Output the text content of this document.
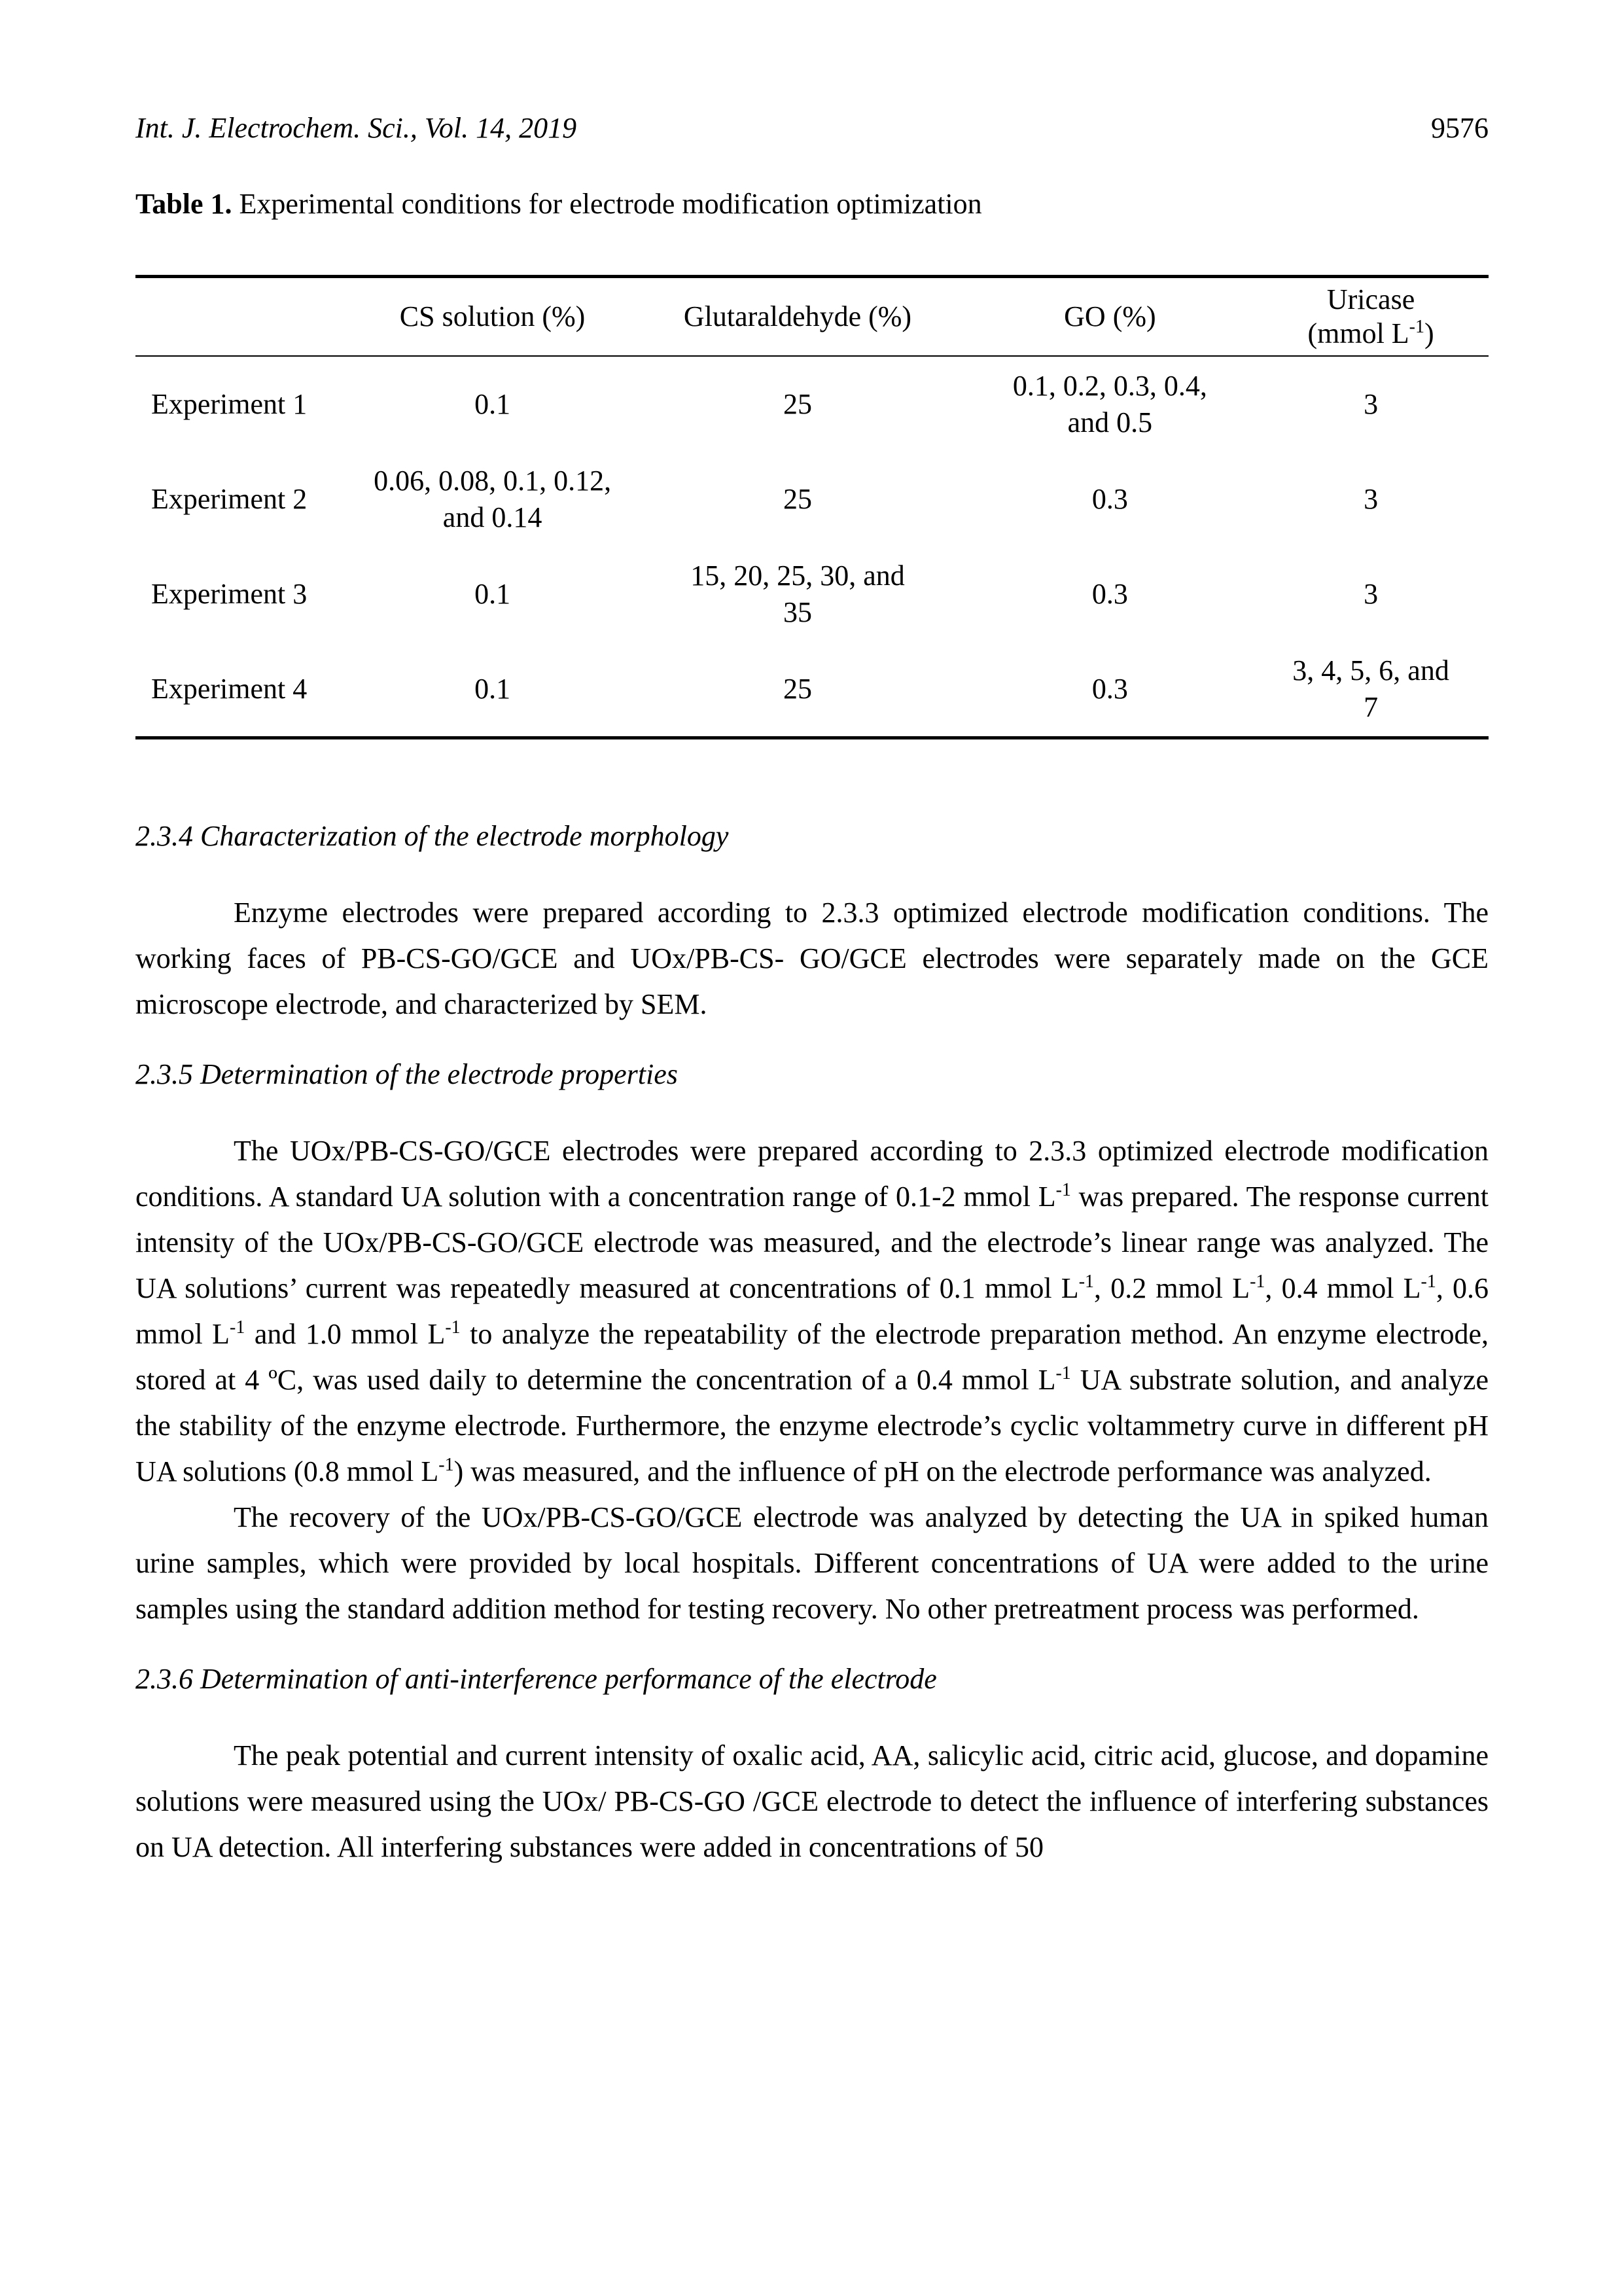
Int. J. Electrochem. Sci., Vol. 14, 2019	9576
Table 1. Experimental conditions for electrode modification optimization
	CS solution (%)	Glutaraldehyde (%)	GO (%)	Uricase
(mmol $L^{-1}$)
Experiment 1	0.1	25	0.1, 0.2, 0.3, 0.4, and 0.5	3
Experiment 2	0.06, 0.08, 0.1, 0.12, and 0.14	25	0.3	3
Experiment 3	0.1	15, 20, 25, 30, and 35	0.3	3
Experiment 4	0.1	25	0.3	3, 4, 5, 6, and 7
2.3.4 Characterization of the electrode morphology

Enzyme electrodes were prepared according to 2.3.3 optimized electrode modification conditions. The working faces of PB-CS-GO/GCE and UOx/PB-CS- GO/GCE electrodes were separately made on the GCE microscope electrode, and characterized by SEM.

2.3.5 Determination of the electrode properties

The UOx/PB-CS-GO/GCE electrodes were prepared according to 2.3.3 optimized electrode modification conditions. A standard UA solution with a concentration range of 0.1-2 mmol $L^{-1}$ was prepared. The response current intensity of the UOx/PB-CS-GO/GCE electrode was measured, and the electrode’s linear range was analyzed. The UA solutions’ current was repeatedly measured at concentrations of 0.1 mmol $L^{-1}$, 0.2 mmol $L^{-1}$, 0.4 mmol $L^{-1}$, 0.6 mmol $L^{-1}$ and 1.0 mmol $L^{-1}$ to analyze the repeatability of the electrode preparation method. An enzyme electrode, stored at 4 ºC, was used daily to determine the concentration of a 0.4 mmol $L^{-1}$ UA substrate solution, and analyze the stability of the enzyme electrode. Furthermore, the enzyme electrode’s cyclic voltammetry curve in different pH UA solutions (0.8 mmol $L^{-1}$) was measured, and the influence of pH on the electrode performance was analyzed.

The recovery of the UOx/PB-CS-GO/GCE electrode was analyzed by detecting the UA in spiked human urine samples, which were provided by local hospitals. Different concentrations of UA were added to the urine samples using the standard addition method for testing recovery. No other pretreatment process was performed.

2.3.6 Determination of anti-interference performance of the electrode

The peak potential and current intensity of oxalic acid, AA, salicylic acid, citric acid, glucose, and dopamine solutions were measured using the UOx/ PB-CS-GO /GCE electrode to detect the influence of interfering substances on UA detection. All interfering substances were added in concentrations of 50
